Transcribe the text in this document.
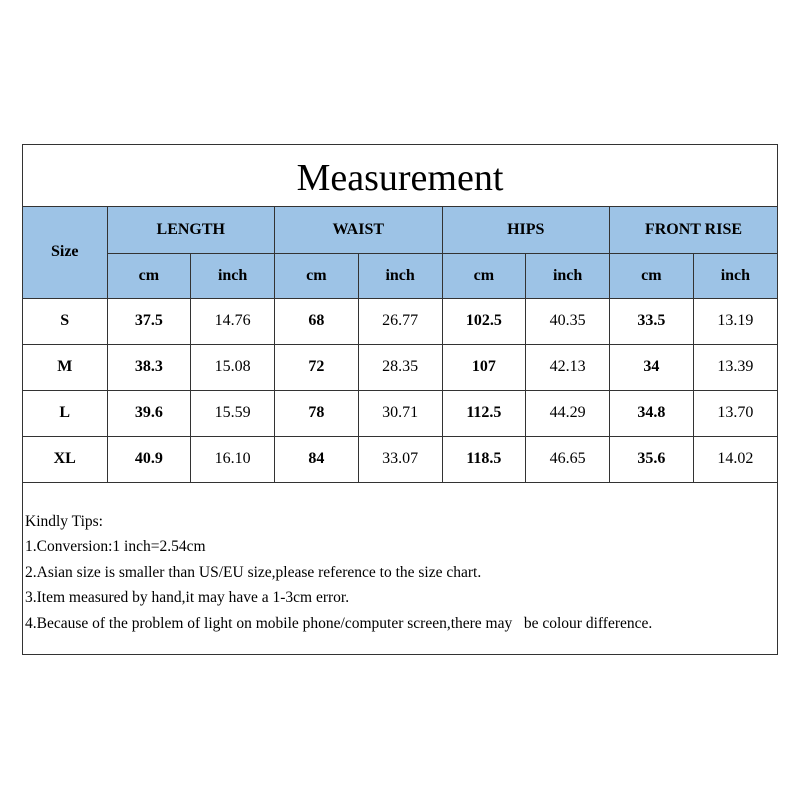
Measurement
Size	LENGTH		WAIST		HIPS		FRONT RISE	
	cm	inch	cm	inch	cm	inch	cm	inch
S	37.5	14.76	68	26.77	102.5	40.35	33.5	13.19
M	38.3	15.08	72	28.35	107	42.13	34	13.39
L	39.6	15.59	78	30.71	112.5	44.29	34.8	13.70
XL	40.9	16.10	84	33.07	118.5	46.65	35.6	14.02
Kindly Tips:
1.Conversion:1 inch=2.54cm
2.Asian size is smaller than US/EU size,please reference to the size chart.
3.Item measured by hand,it may have a 1-3cm error.
4.Because of the problem of light on mobile phone/computer screen,there may   be colour difference.
